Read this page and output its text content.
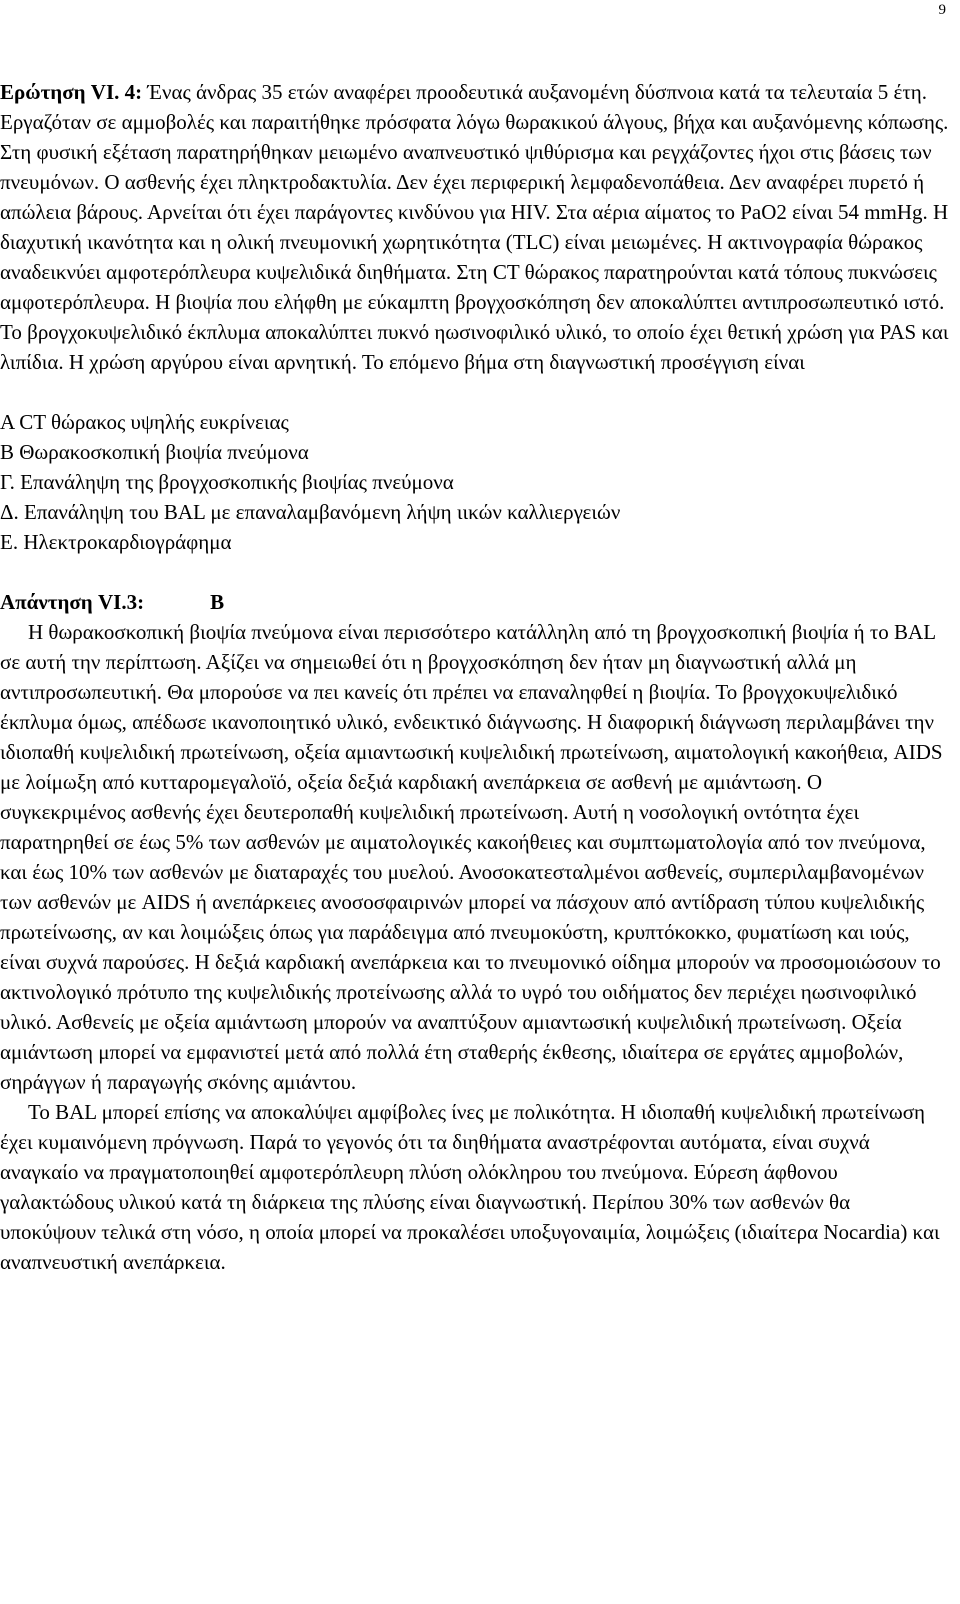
9

Ερώτηση VI. 4: Ένας άνδρας 35 ετών αναφέρει προοδευτικά αυξανομένη δύσπνοια κατά τα τελευταία 5 έτη. Εργαζόταν σε αμμοβολές και παραιτήθηκε πρόσφατα λόγω θωρακικού άλγους, βήχα και αυξανόμενης κόπωσης. Στη φυσική εξέταση παρατηρήθηκαν μειωμένο αναπνευστικό ψιθύρισμα και ρεγχάζοντες ήχοι στις βάσεις των πνευμόνων. Ο ασθενής έχει πληκτροδακτυλία. Δεν έχει περιφερική λεμφαδενοπάθεια. Δεν αναφέρει πυρετό ή απώλεια βάρους. Αρνείται ότι έχει παράγοντες κινδύνου για HIV. Στα αέρια αίματος το PaO2 είναι 54 mmHg. Η διαχυτική ικανότητα και η ολική πνευμονική χωρητικότητα (TLC) είναι μειωμένες. Η ακτινογραφία θώρακος αναδεικνύει αμφοτερόπλευρα κυψελιδικά διηθήματα. Στη CT θώρακος παρατηρούνται κατά τόπους πυκνώσεις αμφοτερόπλευρα. Η βιοψία που ελήφθη με εύκαμπτη βρογχοσκόπηση δεν αποκαλύπτει αντιπροσωπευτικό ιστό. Το βρογχοκυψελιδικό έκπλυμα αποκαλύπτει πυκνό ηωσινοφιλικό υλικό, το οποίο έχει θετική χρώση για PAS και λιπίδια. Η χρώση αργύρου είναι αρνητική. Το επόμενο βήμα στη διαγνωστική προσέγγιση είναι

Α CT θώρακος υψηλής ευκρίνειας
Β Θωρακοσκοπική βιοψία πνεύμονα
Γ. Επανάληψη της βρογχοσκοπικής βιοψίας πνεύμονα
Δ. Επανάληψη του BAL με επαναλαμβανόμενη λήψη ιικών καλλιεργειών
Ε. Ηλεκτροκαρδιογράφημα

Απάντηση VI.3:	Β

Η θωρακοσκοπική βιοψία πνεύμονα είναι περισσότερο κατάλληλη από τη βρογχοσκοπική βιοψία ή το BAL σε αυτή την περίπτωση. Αξίζει να σημειωθεί ότι η βρογχοσκόπηση δεν ήταν μη διαγνωστική αλλά μη αντιπροσωπευτική. Θα μπορούσε να πει κανείς ότι πρέπει να επαναληφθεί η βιοψία. Το βρογχοκυψελιδικό έκπλυμα όμως, απέδωσε ικανοποιητικό υλικό, ενδεικτικό διάγνωσης. Η διαφορική διάγνωση περιλαμβάνει την ιδιοπαθή κυψελιδική πρωτείνωση, οξεία αμιαντωσική κυψελιδική πρωτείνωση, αιματολογική κακοήθεια, AIDS με λοίμωξη από κυτταρομεγαλοϊό, οξεία δεξιά καρδιακή ανεπάρκεια σε ασθενή με αμιάντωση. Ο συγκεκριμένος ασθενής έχει δευτεροπαθή κυψελιδική πρωτείνωση. Αυτή η νοσολογική οντότητα έχει παρατηρηθεί σε έως 5% των ασθενών με αιματολογικές κακοήθειες και συμπτωματολογία από τον πνεύμονα, και έως 10% των ασθενών με διαταραχές του μυελού. Ανοσοκατεσταλμένοι ασθενείς, συμπεριλαμβανομένων των ασθενών με AIDS ή ανεπάρκειες ανοσοσφαιρινών μπορεί να πάσχουν από αντίδραση τύπου κυψελιδικής πρωτείνωσης, αν και λοιμώξεις όπως για παράδειγμα από πνευμοκύστη, κρυπτόκοκκο, φυματίωση και ιούς, είναι συχνά παρούσες. Η δεξιά καρδιακή ανεπάρκεια και το πνευμονικό οίδημα μπορούν να προσομοιώσουν το ακτινολογικό πρότυπο της κυψελιδικής προτείνωσης αλλά το υγρό του οιδήματος δεν περιέχει ηωσινοφιλικό υλικό. Ασθενείς με οξεία αμιάντωση μπορούν να αναπτύξουν αμιαντωσική κυψελιδική πρωτείνωση. Οξεία αμιάντωση μπορεί να εμφανιστεί μετά από πολλά έτη σταθερής έκθεσης, ιδιαίτερα σε εργάτες αμμοβολών, σηράγγων ή παραγωγής σκόνης αμιάντου.

Το BAL μπορεί επίσης να αποκαλύψει αμφίβολες ίνες με πολικότητα. Η ιδιοπαθή κυψελιδική πρωτείνωση έχει κυμαινόμενη πρόγνωση. Παρά το γεγονός ότι τα διηθήματα αναστρέφονται αυτόματα, είναι συχνά αναγκαίο να πραγματοποιηθεί αμφοτερόπλευρη πλύση ολόκληρου του πνεύμονα. Εύρεση άφθονου γαλακτώδους υλικού κατά τη διάρκεια της πλύσης είναι διαγνωστική. Περίπου 30% των ασθενών θα υποκύψουν τελικά στη νόσο, η οποία μπορεί να προκαλέσει υποξυγοναιμία, λοιμώξεις (ιδιαίτερα Nocardia) και αναπνευστική ανεπάρκεια.
